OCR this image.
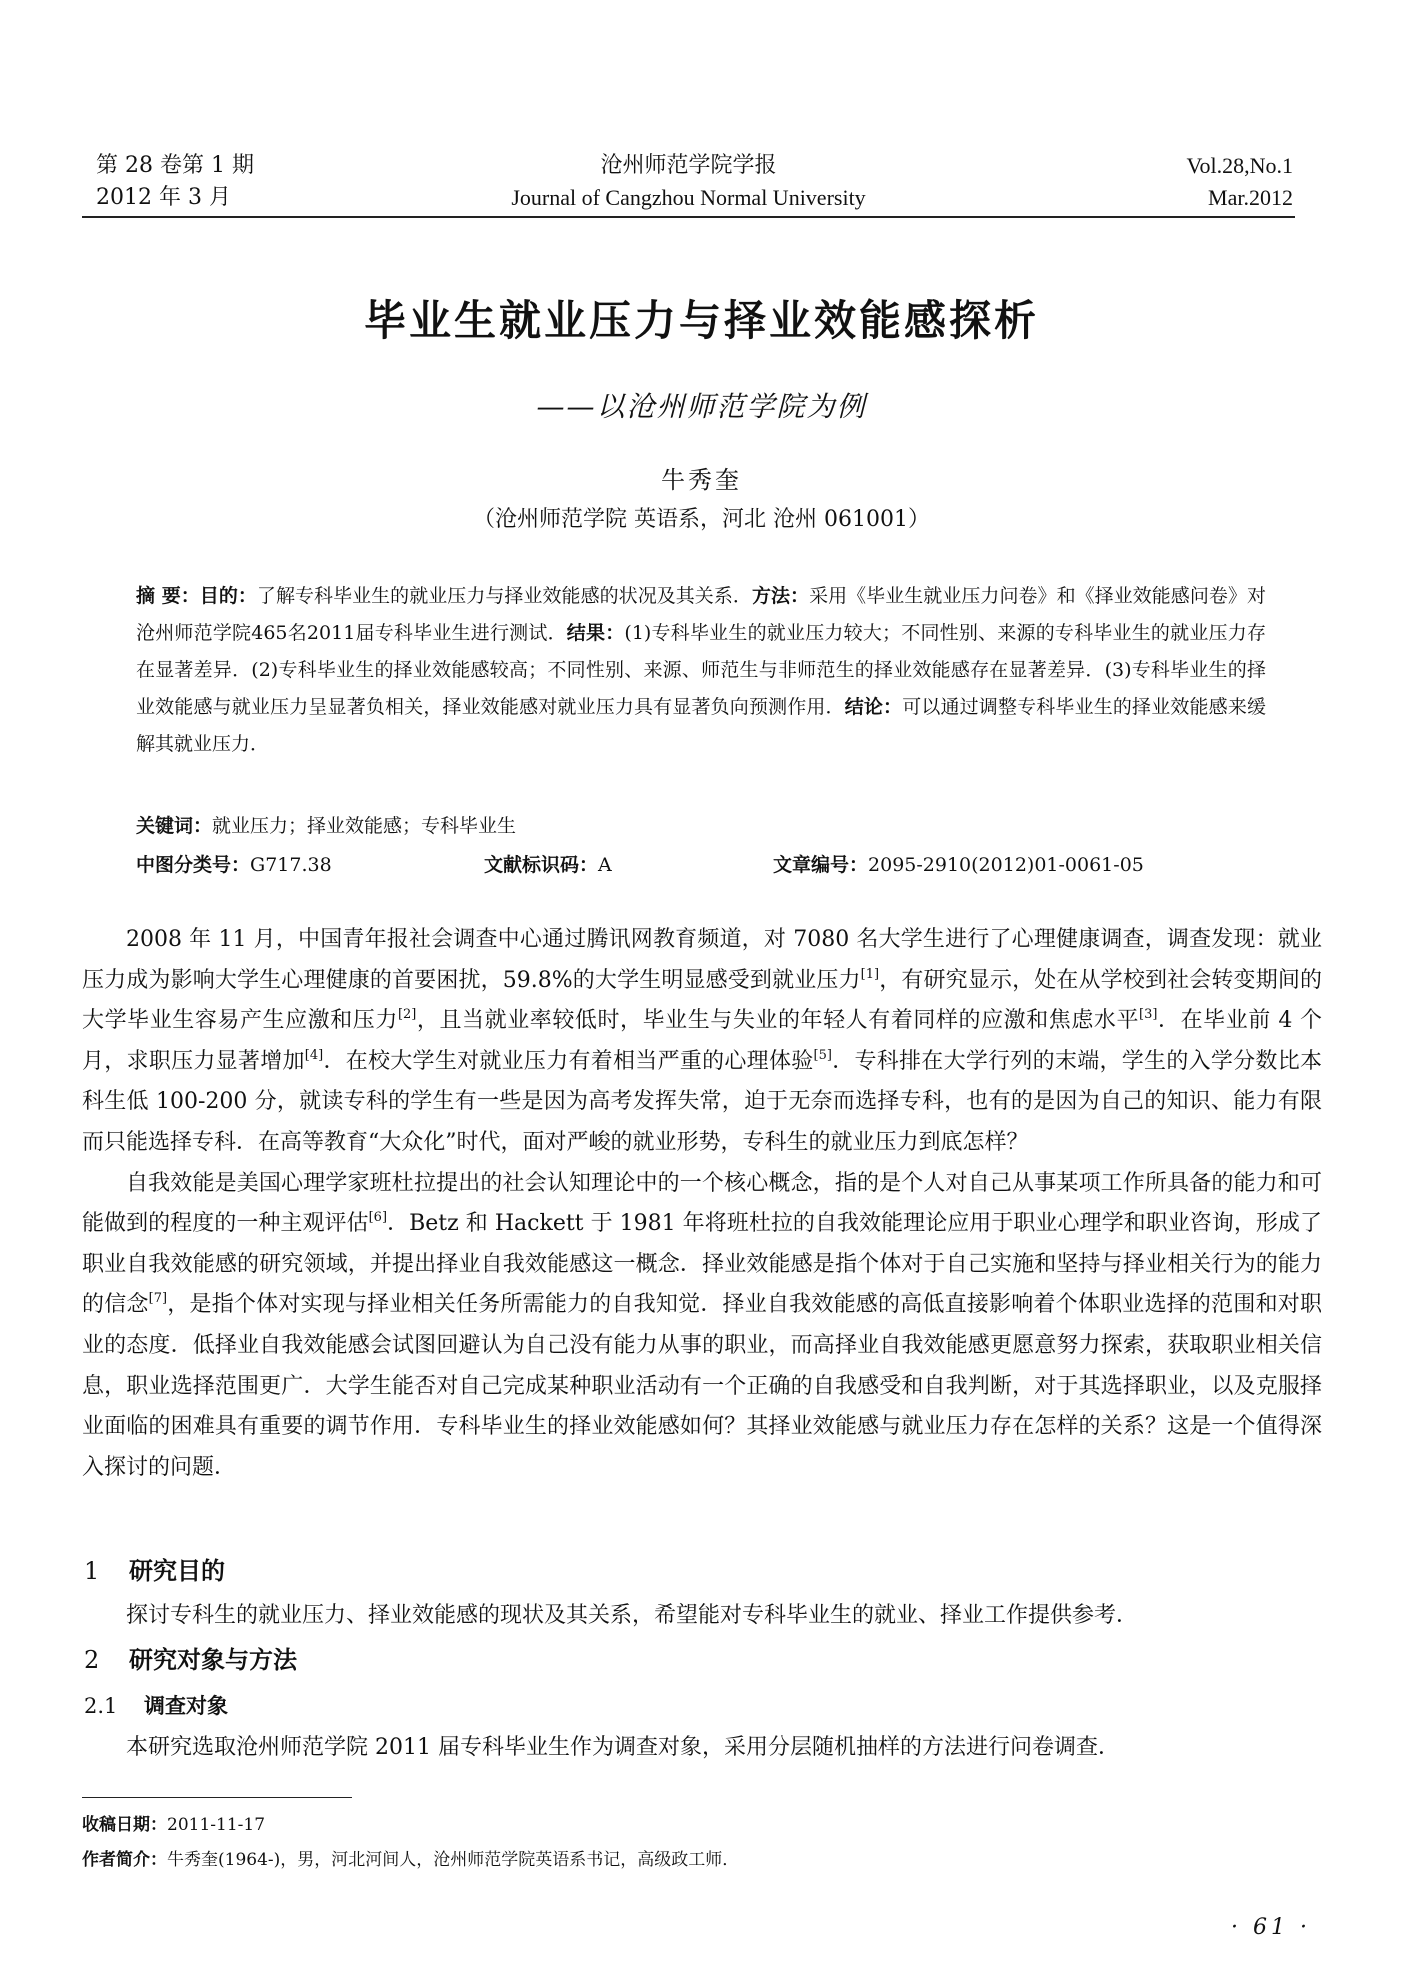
第 28 卷第 1 期
2012 年 3 月
沧州师范学院学报
Journal of Cangzhou Normal University
Vol.28,No.1
Mar.2012
毕业生就业压力与择业效能感探析
——以沧州师范学院为例
牛秀奎
（沧州师范学院 英语系，河北 沧州 061001）
摘 要：目的：了解专科毕业生的就业压力与择业效能感的状况及其关系．方法：采用《毕业生就业压力问卷》和《择业效能感问卷》对沧州师范学院465名2011届专科毕业生进行测试．结果：(1)专科毕业生的就业压力较大；不同性别、来源的专科毕业生的就业压力存在显著差异．(2)专科毕业生的择业效能感较高；不同性别、来源、师范生与非师范生的择业效能感存在显著差异．(3)专科毕业生的择业效能感与就业压力呈显著负相关，择业效能感对就业压力具有显著负向预测作用．结论：可以通过调整专科毕业生的择业效能感来缓解其就业压力．
关键词：就业压力；择业效能感；专科毕业生
中图分类号：G717.38	文献标识码：A	文章编号：2095-2910(2012)01-0061-05

2008 年 11 月，中国青年报社会调查中心通过腾讯网教育频道，对 7080 名大学生进行了心理健康调查，调查发现：就业压力成为影响大学生心理健康的首要困扰，59.8%的大学生明显感受到就业压力[1]，有研究显示，处在从学校到社会转变期间的大学毕业生容易产生应激和压力[2]，且当就业率较低时，毕业生与失业的年轻人有着同样的应激和焦虑水平[3]．在毕业前 4 个月，求职压力显著增加[4]．在校大学生对就业压力有着相当严重的心理体验[5]．专科排在大学行列的末端，学生的入学分数比本科生低 100-200 分，就读专科的学生有一些是因为高考发挥失常，迫于无奈而选择专科，也有的是因为自己的知识、能力有限而只能选择专科．在高等教育“大众化”时代，面对严峻的就业形势，专科生的就业压力到底怎样？

自我效能是美国心理学家班杜拉提出的社会认知理论中的一个核心概念，指的是个人对自己从事某项工作所具备的能力和可能做到的程度的一种主观评估[6]．Betz 和 Hackett 于 1981 年将班杜拉的自我效能理论应用于职业心理学和职业咨询，形成了职业自我效能感的研究领域，并提出择业自我效能感这一概念．择业效能感是指个体对于自己实施和坚持与择业相关行为的能力的信念[7]，是指个体对实现与择业相关任务所需能力的自我知觉．择业自我效能感的高低直接影响着个体职业选择的范围和对职业的态度．低择业自我效能感会试图回避认为自己没有能力从事的职业，而高择业自我效能感更愿意努力探索，获取职业相关信息，职业选择范围更广．大学生能否对自己完成某种职业活动有一个正确的自我感受和自我判断，对于其选择职业，以及克服择业面临的困难具有重要的调节作用．专科毕业生的择业效能感如何？其择业效能感与就业压力存在怎样的关系？这是一个值得深入探讨的问题．

1 研究目的
探讨专科生的就业压力、择业效能感的现状及其关系，希望能对专科毕业生的就业、择业工作提供参考．
2 研究对象与方法
2.1 调查对象
本研究选取沧州师范学院 2011 届专科毕业生作为调查对象，采用分层随机抽样的方法进行问卷调查．
收稿日期：2011-11-17
作者简介：牛秀奎(1964-)，男，河北河间人，沧州师范学院英语系书记，高级政工师．
· 61 ·
